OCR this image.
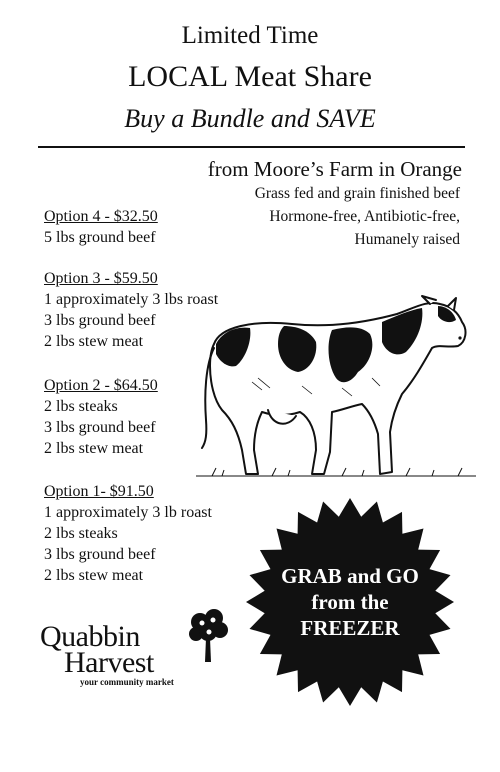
Limited Time
LOCAL Meat Share
Buy a Bundle and SAVE
from Moore’s Farm in Orange
Grass fed and grain finished beef
Hormone-free, Antibiotic-free,
Humanely raised
Option 4 - $32.50
5 lbs ground beef
Option 3 - $59.50
1 approximately 3 lbs roast
3 lbs ground beef
2 lbs stew meat
Option 2 - $64.50
2 lbs steaks
3 lbs ground beef
2 lbs stew meat
Option 1- $91.50
1 approximately 3 lb roast
2 lbs steaks
3 lbs ground beef
2 lbs stew meat	GRAB and GO
from the
FREEZER
Quabbin
Harvest
your community market
